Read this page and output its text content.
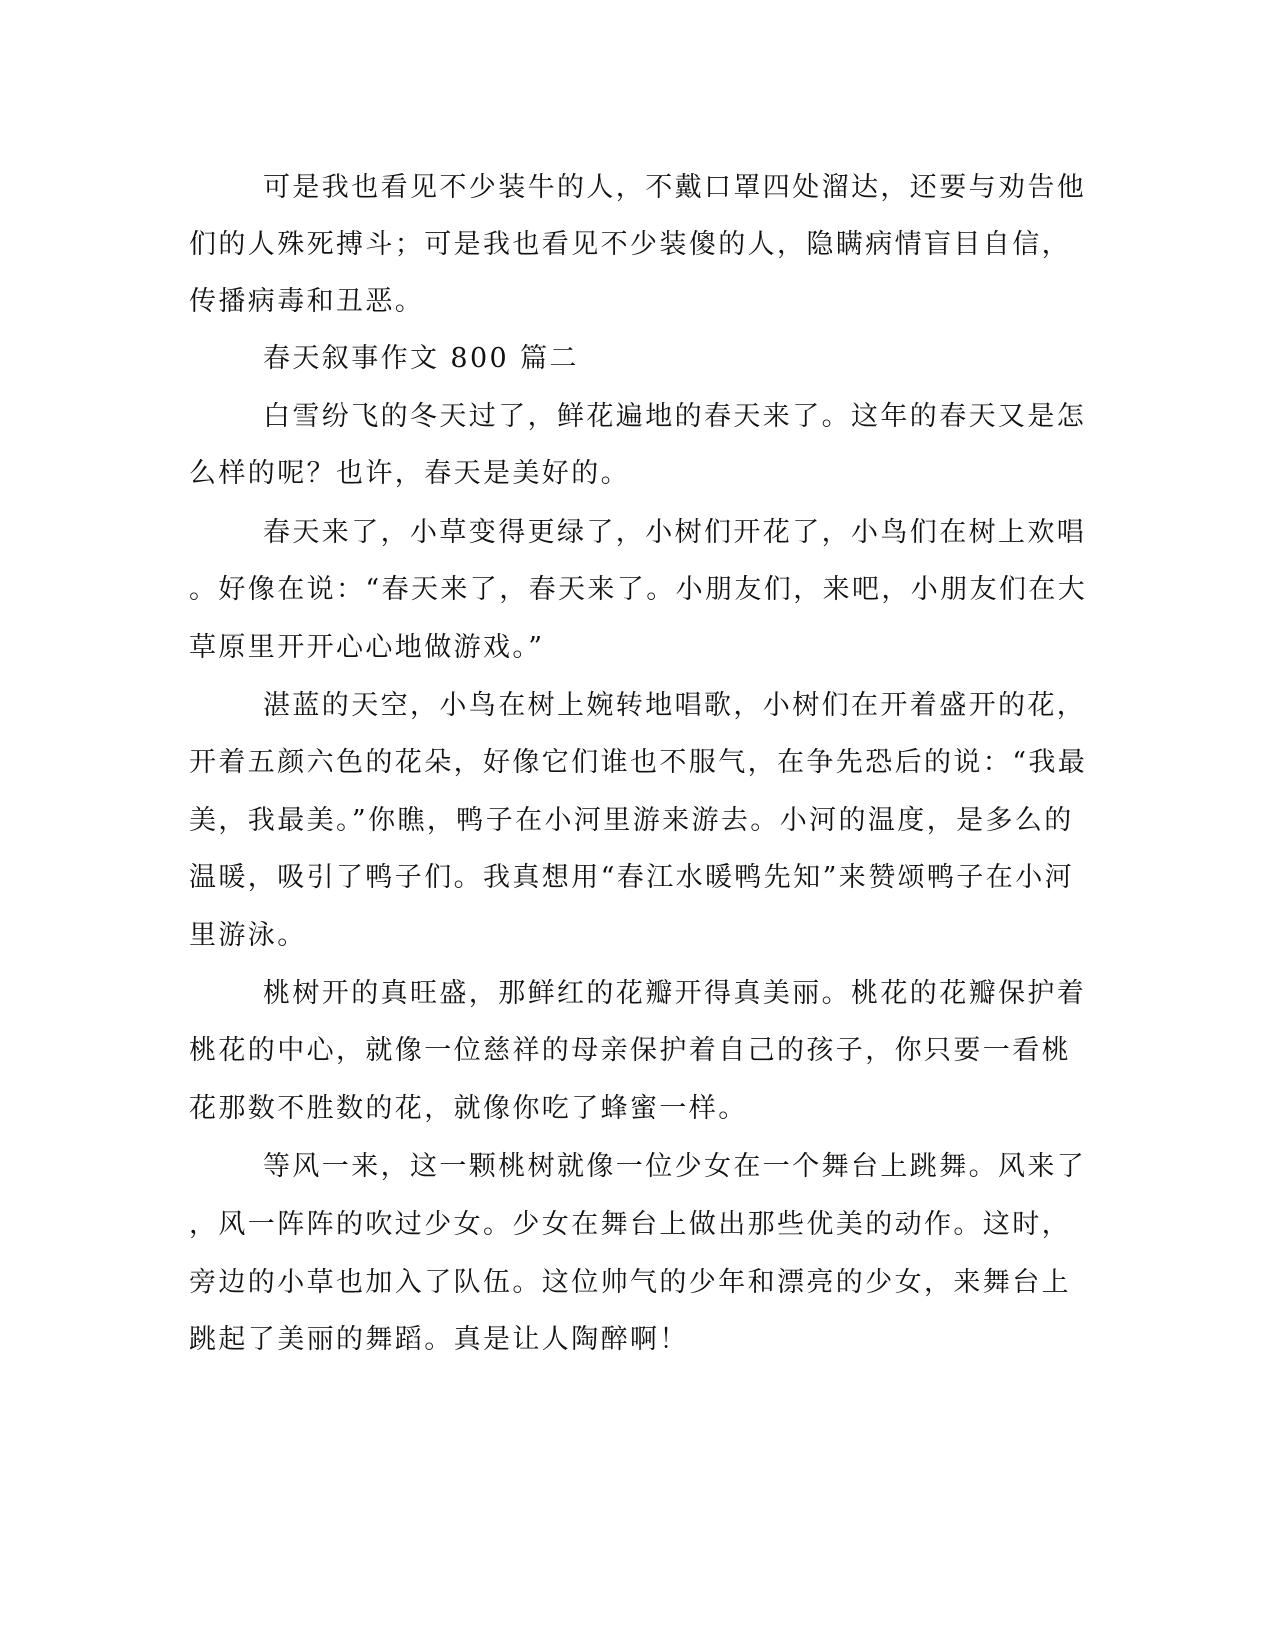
可是我也看见不少装牛的人，不戴口罩四处溜达，还要与劝告他
们的人殊死搏斗；可是我也看见不少装傻的人，隐瞒病情盲目自信，
传播病毒和丑恶。
春天叙事作文 800 篇二
白雪纷飞的冬天过了，鲜花遍地的春天来了。这年的春天又是怎
么样的呢？也许，春天是美好的。
春天来了，小草变得更绿了，小树们开花了，小鸟们在树上欢唱
。好像在说：“春天来了，春天来了。小朋友们，来吧，小朋友们在大
草原里开开心心地做游戏。”
湛蓝的天空，小鸟在树上婉转地唱歌，小树们在开着盛开的花，
开着五颜六色的花朵，好像它们谁也不服气，在争先恐后的说：“我最
美，我最美。”你瞧，鸭子在小河里游来游去。小河的温度，是多么的
温暖，吸引了鸭子们。我真想用“春江水暖鸭先知”来赞颂鸭子在小河
里游泳。
桃树开的真旺盛，那鲜红的花瓣开得真美丽。桃花的花瓣保护着
桃花的中心，就像一位慈祥的母亲保护着自己的孩子，你只要一看桃
花那数不胜数的花，就像你吃了蜂蜜一样。
等风一来，这一颗桃树就像一位少女在一个舞台上跳舞。风来了
，风一阵阵的吹过少女。少女在舞台上做出那些优美的动作。这时，
旁边的小草也加入了队伍。这位帅气的少年和漂亮的少女，来舞台上
跳起了美丽的舞蹈。真是让人陶醉啊！
